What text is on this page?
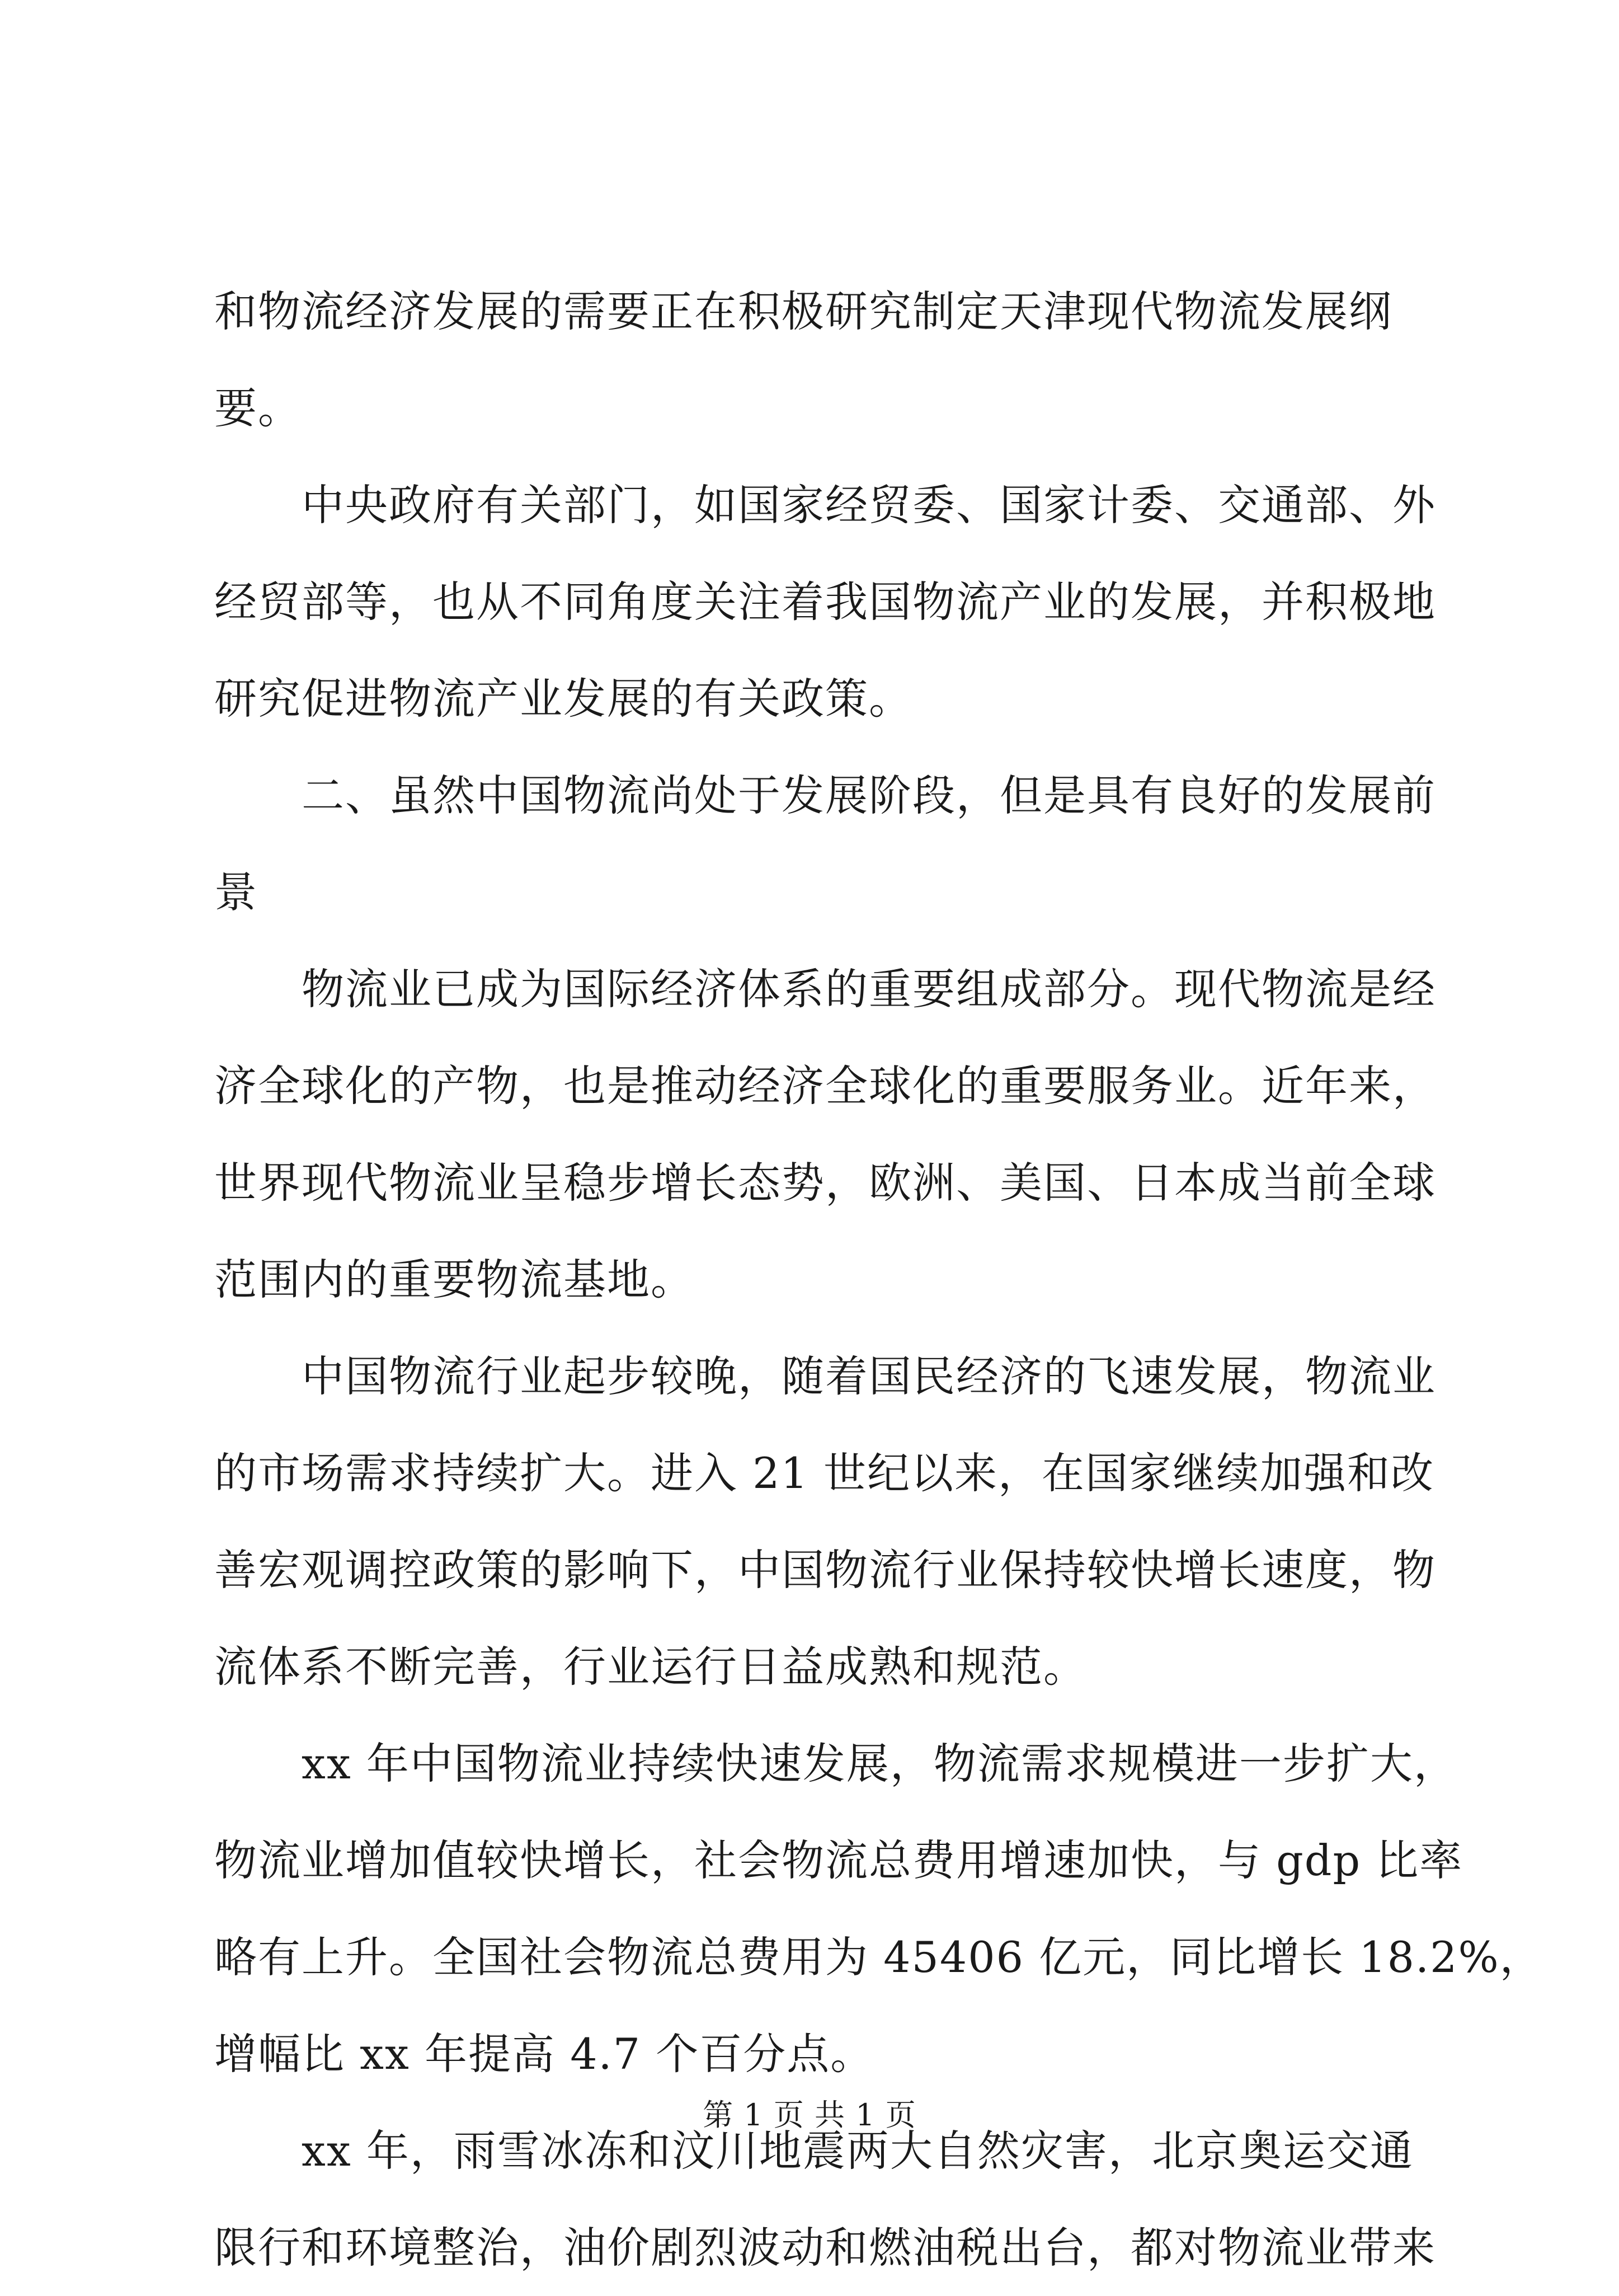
和物流经济发展的需要正在积极研究制定天津现代物流发展纲
要。
中央政府有关部门，如国家经贸委、国家计委、交通部、外
经贸部等，也从不同角度关注着我国物流产业的发展，并积极地
研究促进物流产业发展的有关政策。
二、虽然中国物流尚处于发展阶段，但是具有良好的发展前
景
物流业已成为国际经济体系的重要组成部分。现代物流是经
济全球化的产物，也是推动经济全球化的重要服务业。近年来，
世界现代物流业呈稳步增长态势，欧洲、美国、日本成当前全球
范围内的重要物流基地。
中国物流行业起步较晚，随着国民经济的飞速发展，物流业
的市场需求持续扩大。进入 21 世纪以来，在国家继续加强和改
善宏观调控政策的影响下，中国物流行业保持较快增长速度，物
流体系不断完善，行业运行日益成熟和规范。
xx 年中国物流业持续快速发展，物流需求规模进一步扩大，
物流业增加值较快增长，社会物流总费用增速加快，与 gdp 比率
略有上升。全国社会物流总费用为 45406 亿元，同比增长 18.2%，
增幅比 xx 年提高 4.7 个百分点。
xx 年，雨雪冰冻和汶川地震两大自然灾害，北京奥运交通
限行和环境整治，油价剧烈波动和燃油税出台，都对物流业带来
第 1 页 共 1 页
